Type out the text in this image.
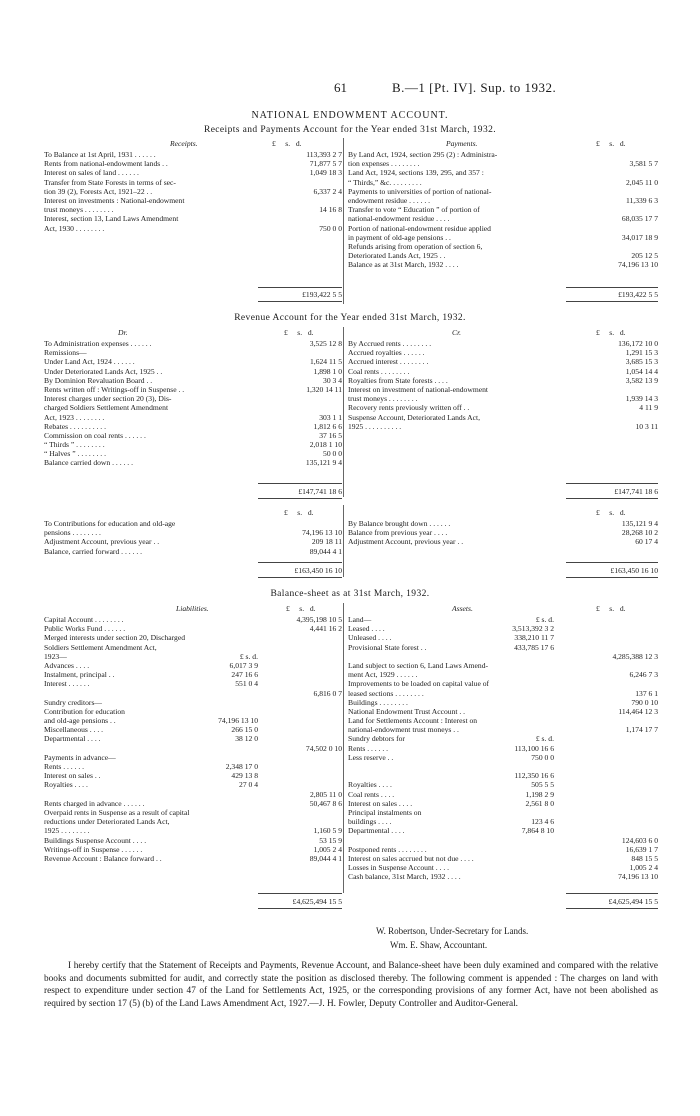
61	B.—1 [Pt. IV]. Sup. to 1932.
NATIONAL ENDOWMENT ACCOUNT.
Receipts and Payments Account for the Year ended 31st March, 1932.
Receipts.	£     s.   d.	Payments.	£     s.   d.
To Balance at 1st April, 1931 . . . . . .	113,393 2 7
Rents from national-endowment lands . .	71,877 5 7
Interest on sales of land . . . . . .	1,049 18 3
Transfer from State Forests in terms of sec-
tion 39 (2), Forests Act, 1921–22 . .	6,337 2 4
Interest on investments : National-endowment
trust moneys . . . . . . . .	14 16 8
Interest, section 13, Land Laws Amendment
Act, 1930 . . . . . . . .	750 0 0
By Land Act, 1924, section 295 (2) : Administra-
tion expenses . . . . . . . .	3,581 5 7
Land Act, 1924, sections 139, 295, and 357 :
“ Thirds,” &c. . . . . . . . .	2,045 11 0
Payments to universities of portion of national-
endowment residue . . . . . .	11,339 6 3
Transfer to vote “ Education ” of portion of
national-endowment residue . . . .	68,035 17 7
Portion of national-endowment residue applied
in payment of old-age pensions . .	34,017 18 9
Refunds arising from operation of section 6,
Deteriorated Lands Act, 1925 . .	205 12 5
Balance as at 31st March, 1932 . . . .	74,196 13 10
£193,422 5 5	£193,422 5 5
Revenue Account for the Year ended 31st March, 1932.
Dr.	£     s.   d.	Cr.	£     s.   d.
To Administration expenses . . . . . .	3,525 12 8
Remissions—
Under Land Act, 1924 . . . . . .	1,624 11 5
Under Deteriorated Lands Act, 1925 . .	1,898 1 0
By Dominion Revaluation Board . .	30 3 4
Rents written off : Writings-off in Suspense . .	1,320 14 11
Interest charges under section 20 (3), Dis-
charged Soldiers Settlement Amendment
Act, 1923 . . . . . . . .	303 1 1
Rebates . . . . . . . . . .	1,812 6 6
Commission on coal rents . . . . . .	37 16 5
“ Thirds ” . . . . . . . .	2,018 1 10
“ Halves ” . . . . . . . .	50 0 0
Balance carried down . . . . . .	135,121 9 4
By Accrued rents . . . . . . . .	136,172 10 0
Accrued royalties . . . . . .	1,291 15 3
Accrued interest . . . . . . . .	3,685 15 3
Coal rents . . . . . . . .	1,054 14 4
Royalties from State forests . . . .	3,582 13 9
Interest on investment of national-endowment
trust moneys . . . . . . . .	1,939 14 3
Recovery rents previously written off . .	4 11 9
Suspense Account, Deteriorated Lands Act,
1925 . . . . . . . . . .	10 3 11
£147,741 18 6	£147,741 18 6
£     s.   d.	£     s.   d.
To Contributions for education and old-age
pensions . . . . . . . .	74,196 13 10
Adjustment Account, previous year . .	209 18 11
Balance, carried forward . . . . . .	89,044 4 1
By Balance brought down . . . . . .	135,121 9 4
Balance from previous year . . . .	28,268 10 2
Adjustment Account, previous year . .	60 17 4
£163,450 16 10	£163,450 16 10
Balance-sheet as at 31st March, 1932.
Liabilities.	£     s.   d.	Assets.	£     s.   d.
Capital Account . . . . . . . .	4,395,198 10 5
Public Works Fund . . . . . .	4,441 16 2
Merged interests under section 20, Discharged
Soldiers Settlement Amendment Act,
1923—	£ s. d.
Advances . . . .	6,017 3 9
Instalment, principal . .	247 16 6
Interest . . . . . .	551 0 4
6,816 0 7
Sundry creditors—
Contribution for education
and old-age pensions . .	74,196 13 10
Miscellaneous . . . .	266 15 0
Departmental . . . .	38 12 0
74,502 0 10
Payments in advance—
Rents . . . . . .	2,348 17 0
Interest on sales . .	429 13 8
Royalties . . . .	27 0 4
2,805 11 0
Rents charged in advance . . . . . .	50,467 8 6
Overpaid rents in Suspense as a result of capital
reductions under Deteriorated Lands Act,
1925 . . . . . . . .	1,160 5 9
Buildings Suspense Account . . . .	53 15 9
Writings-off in Suspense . . . . . .	1,005 2 4
Revenue Account : Balance forward . .	89,044 4 1
Land—	£ s. d.
Leased . . . .	3,513,392 3 2
Unleased . . . .	338,210 11 7
Provisional State forest . .	433,785 17 6
4,285,388 12 3
Land subject to section 6, Land Laws Amend-
ment Act, 1929 . . . . . .	6,246 7 3
Improvements to be loaded on capital value of
leased sections . . . . . . . .	137 6 1
Buildings . . . . . . . .	790 0 10
National Endowment Trust Account . .	114,464 12 3
Land for Settlements Account : Interest on
national-endowment trust moneys . .	1,174 17 7
Sundry debtors for	£ s. d.
Rents . . . . . .	113,100 16 6
Less reserve . .	750 0 0
112,350 16 6
Royalties . . . .	505 5 5
Coal rents . . . .	1,198 2 9
Interest on sales . . . .	2,561 8 0
Principal instalments on
buildings . . . .	123 4 6
Departmental . . . .	7,864 8 10
124,603 6 0
Postponed rents . . . . . . . .	16,639 1 7
Interest on sales accrued but not due . . . .	848 15 5
Losses in Suspense Account . . . .	1,005 2 4
Cash balance, 31st March, 1932 . . . .	74,196 13 10
£4,625,494 15 5	£4,625,494 15 5
W. Robertson, Under-Secretary for Lands.
Wm. E. Shaw, Accountant.
I hereby certify that the Statement of Receipts and Payments, Revenue Account, and Balance-sheet have been duly examined and compared with the relative books and documents submitted for audit, and correctly state the position as disclosed thereby. The following comment is appended : The charges on land with respect to expenditure under section 47 of the Land for Settlements Act, 1925, or the corresponding provisions of any former Act, have not been abolished as required by section 17 (5) (b) of the Land Laws Amendment Act, 1927.—J. H. Fowler, Deputy Controller and Auditor-General.
